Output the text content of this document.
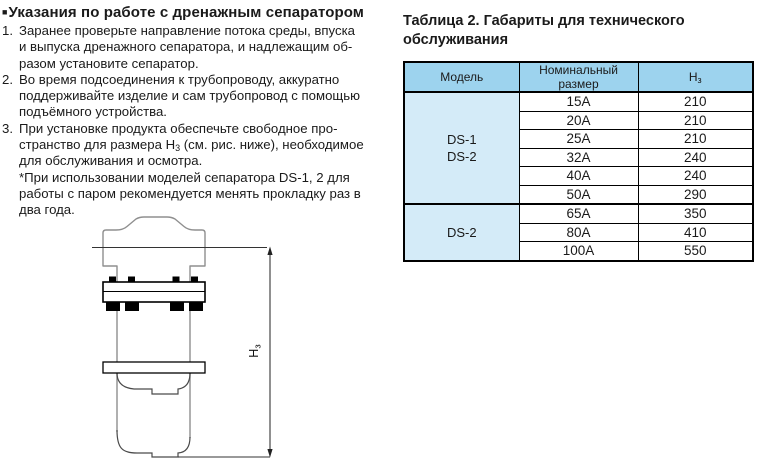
■Указания по работе с дренажным сепаратором
1. Заранее проверьте направление потока среды, впуска
и выпуска дренажного сепаратора, и надлежащим об-
разом установите сепаратор.
2. Во время подсоединения к трубопроводу, аккуратно
поддерживайте изделие и сам трубопровод с помощью
подъёмного устройства.
3. При установке продукта обеспечьте свободное про-
странство для размера $Н_3$ (см. рис. ниже), необходимое
для обслуживания и осмотра.
*При использовании моделей сепаратора DS-1, 2 для
работы с паром рекомендуется менять прокладку раз в
два года.
$Н_з$
Таблица 2. Габариты для технического
обслуживания
Модель	Номинальный размер	$Н_з$

DS-1
DS-2	15A	210
	20A	210
	25A	210
	32A	240
	40A	240
	50A	290

DS-2	65A	350
	80A	410
	100A	550
